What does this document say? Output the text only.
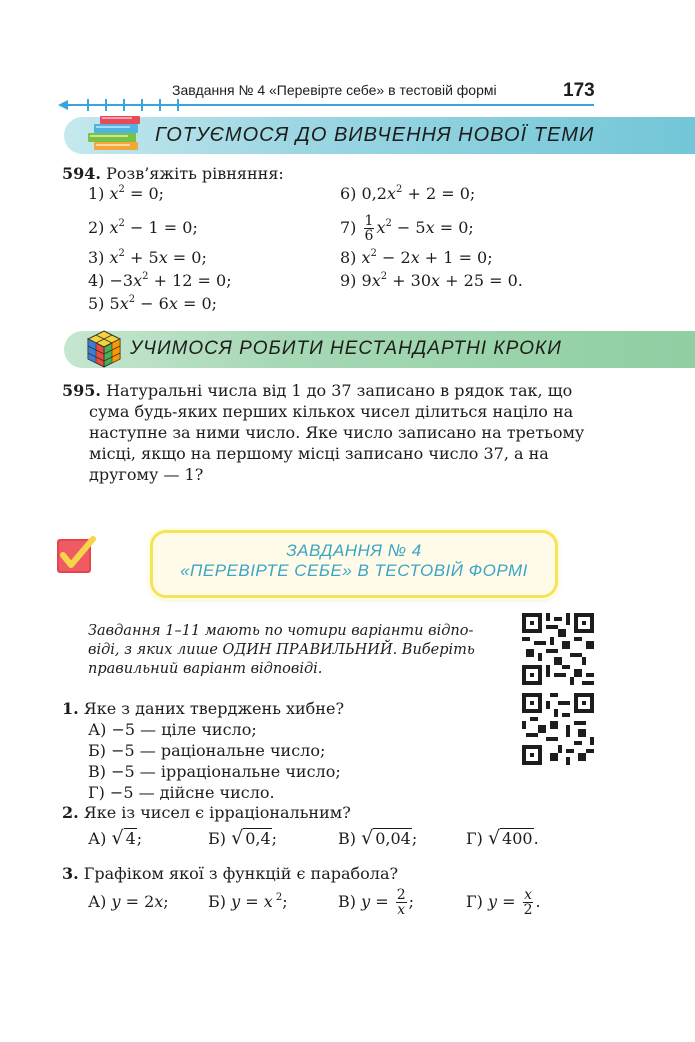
Завдання № 4 «Перевірте себе» в тестовій формі	173
ГОТУЄМОСЯ ДО ВИВЧЕННЯ НОВОЇ ТЕМИ
594. Розв’яжіть рівняння:
1) $x^2 = 0$;
2) $x^2 - 1 = 0$;
3) $x^2 + 5x = 0$;
$4) -3x^2 + 12 = 0$;
5) $5x^2 - 6x = 0$;
6) $0,2x^2 + 2 = 0$;
$7) \frac{1}{6} x^2 - 5x = 0$;
8) $x^2 - 2x + 1 = 0$;
9) $9x^2 + 30x + 25 = 0$.
УЧИМОСЯ РОБИТИ НЕСТАНДАРТНІ КРОКИ
595. Натуральні числа від 1 до 37 записано в рядок так, що
сума будь-яких перших кількох чисел ділиться націло на
наступне за ними число. Яке число записано на третьому
місці, якщо на першому місці записано число 37, а на
другому — 1?
ЗАВДАННЯ № 4
«ПЕРЕВІРТЕ СЕБЕ» В ТЕСТОВІЙ ФОРМІ
Завдання 1–11 мають по чотири варіанти відпо-
віді, з яких лише ОДИН ПРАВИЛЬНИЙ. Виберіть
правильний варіант відповіді.
1. Яке з даних тверджень хибне?
А) −5 — ціле число;
Б) −5 — раціональне число;
В) −5 — ірраціональне число;
Г) −5 — дійсне число.
2. Яке із чисел є ірраціональним?
А) √ 4;	Б) √ 0,4;	В) √ 0,04;	Г) √ 400.
3. Графіком якої з функцій є парабола?
А) y = 2x; Б) y = x $^2$;	В) $y = \frac{2}{x}$ ;	Г) $y = \frac{x}{2}$ .
